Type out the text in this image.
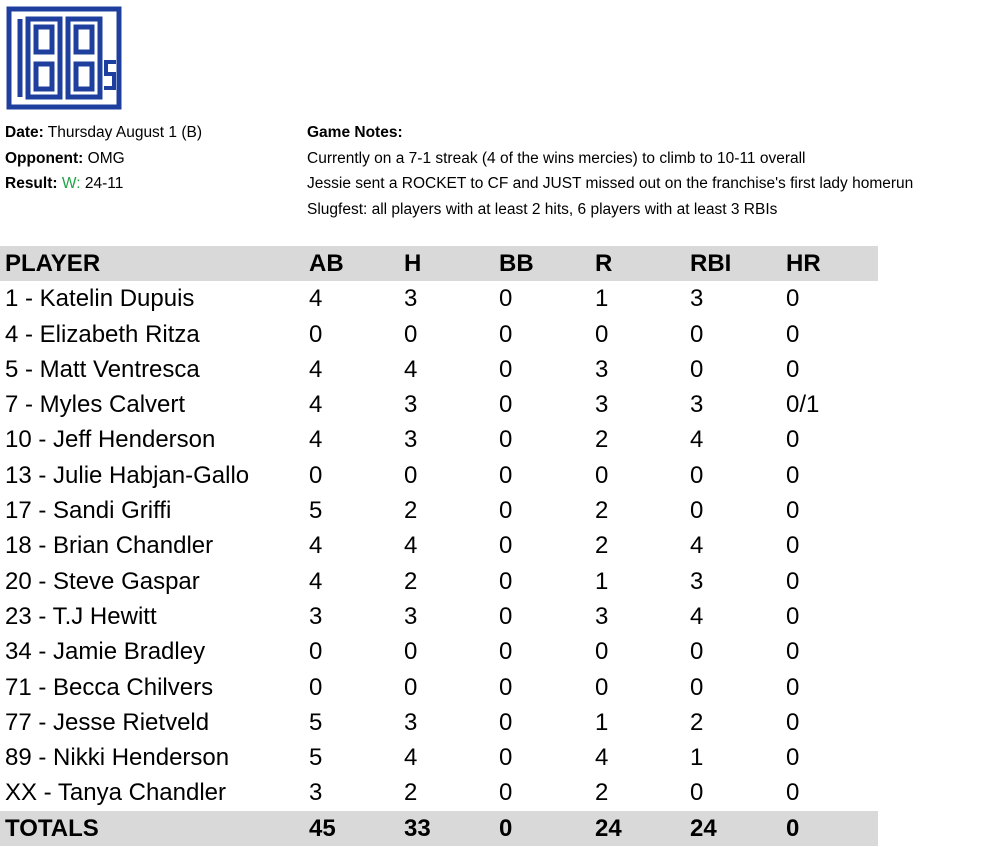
Date: Thursday August 1 (B)
Opponent: OMG
Result: W: 24-11
Game Notes:
Currently on a 7-1 streak (4 of the wins mercies) to climb to 10-11 overall
Jessie sent a ROCKET to CF and JUST missed out on the franchise's first lady homerun
Slugfest: all players with at least 2 hits, 6 players with at least 3 RBIs
PLAYER	AB	H	BB	R	RBI HR
1 - Katelin Dupuis	4	3	0	1	3	0
4 - Elizabeth Ritza	0	0	0	0	0	0
5 - Matt Ventresca	4	4	0	3	0	0
7 - Myles Calvert	4	3	0	3	3	0/1
10 - Jeff Henderson	4	3	0	2	4	0
13 - Julie Habjan-Gallo 0	0	0	0	0	0
17 - Sandi Griffi	5	2	0	2	0	0
18 - Brian Chandler	4	4	0	2	4	0
20 - Steve Gaspar	4	2	0	1	3	0
23 - T.J Hewitt	3	3	0	3	4	0
34 - Jamie Bradley	0	0	0	0	0	0
71 - Becca Chilvers	0	0	0	0	0	0
77 - Jesse Rietveld	5	3	0	1	2	0
89 - Nikki Henderson	5	4	0	4	1	0
XX - Tanya Chandler	3	2	0	2	0	0
TOTALS	45	33	0	24	24	0
